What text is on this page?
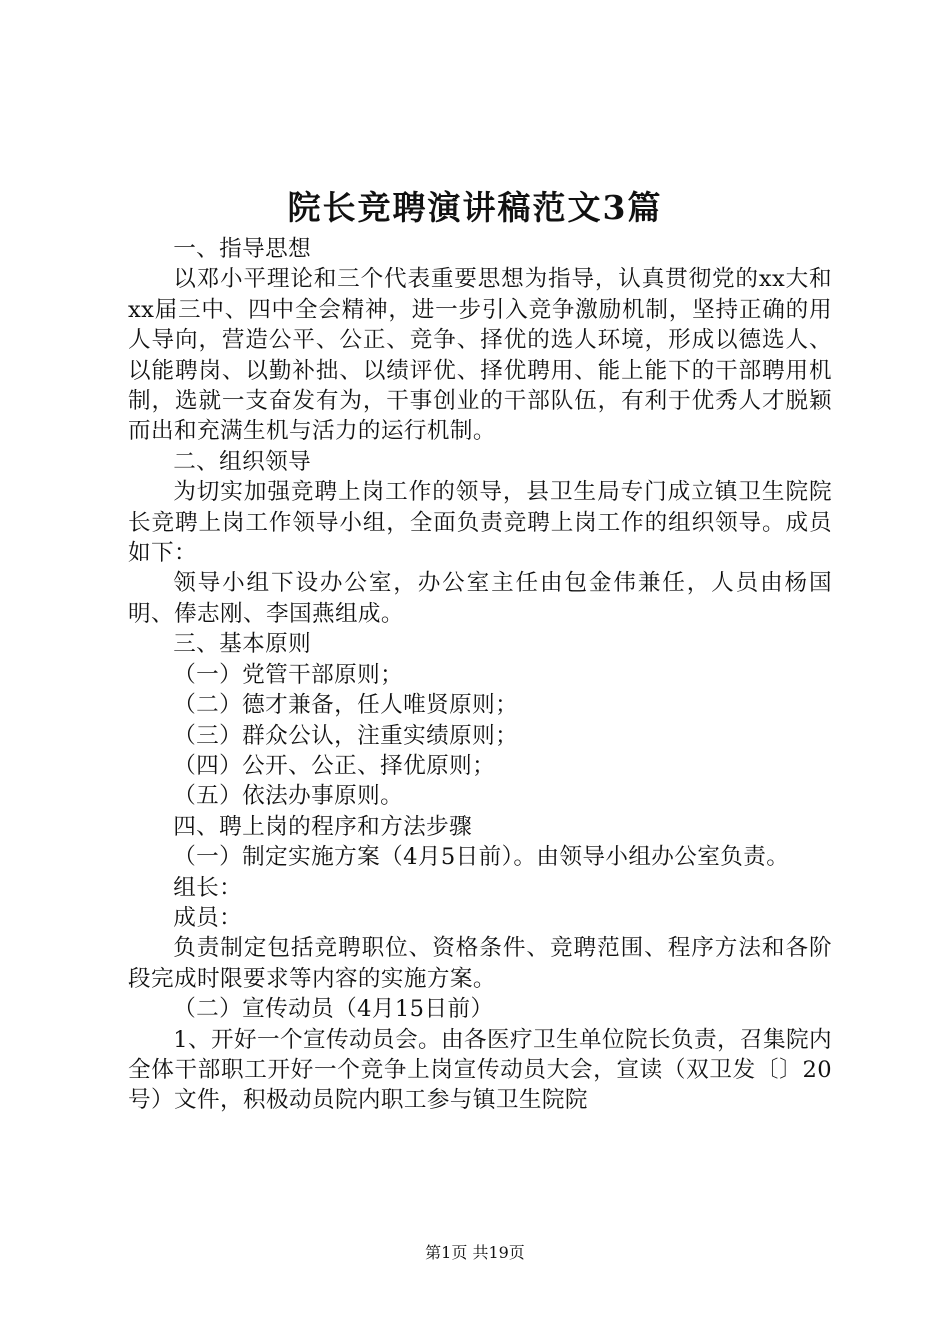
院长竞聘演讲稿范文3篇

一、指导思想

以邓小平理论和三个代表重要思想为指导，认真贯彻党的xx大和xx届三中、四中全会精神，进一步引入竞争激励机制，坚持正确的用人导向，营造公平、公正、竞争、择优的选人环境，形成以德选人、以能聘岗、以勤补拙、以绩评优、择优聘用、能上能下的干部聘用机制，选就一支奋发有为，干事创业的干部队伍，有利于优秀人才脱颖而出和充满生机与活力的运行机制。

二、组织领导

为切实加强竞聘上岗工作的领导，县卫生局专门成立镇卫生院院长竞聘上岗工作领导小组，全面负责竞聘上岗工作的组织领导。成员如下：

领导小组下设办公室，办公室主任由包金伟兼任，人员由杨国明、俸志刚、李国燕组成。

三、基本原则

（一）党管干部原则；

（二）德才兼备，任人唯贤原则；

（三）群众公认，注重实绩原则；

（四）公开、公正、择优原则；

（五）依法办事原则。

四、聘上岗的程序和方法步骤

（一）制定实施方案（4月5日前）。由领导小组办公室负责。

组长：

成员：

负责制定包括竞聘职位、资格条件、竞聘范围、程序方法和各阶段完成时限要求等内容的实施方案。

（二）宣传动员（4月15日前）

1、开好一个宣传动员会。由各医疗卫生单位院长负责，召集院内全体干部职工开好一个竞争上岗宣传动员大会，宣读（双卫发〔〕20号）文件，积极动员院内职工参与镇卫生院院

第1页 共19页
